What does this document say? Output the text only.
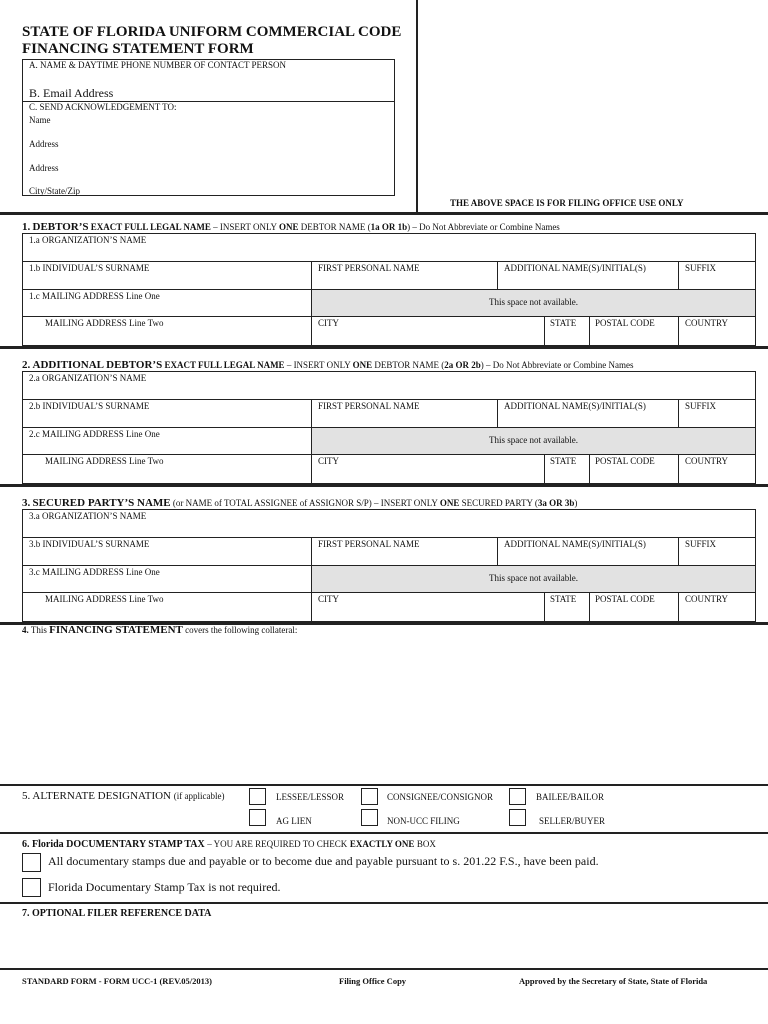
STATE OF FLORIDA UNIFORM COMMERCIAL CODE
FINANCING STATEMENT FORM
A. NAME & DAYTIME PHONE NUMBER OF CONTACT PERSON
B. Email Address
C. SEND ACKNOWLEDGEMENT TO:
Name
Address
Address
City/State/Zip
THE ABOVE SPACE IS FOR FILING OFFICE USE ONLY
1. DEBTOR’S EXACT FULL LEGAL NAME – INSERT ONLY ONE DEBTOR NAME (1a OR 1b) – Do Not Abbreviate or Combine Names
1.a ORGANIZATION’S NAME
1.b INDIVIDUAL’S SURNAME	FIRST PERSONAL NAME	ADDITIONAL NAME(S)/INITIAL(S)	SUFFIX
1.c MAILING ADDRESS Line One
This space not available.
MAILING ADDRESS Line Two	CITY	STATE POSTAL CODE	COUNTRY
2. ADDITIONAL DEBTOR’S EXACT FULL LEGAL NAME – INSERT ONLY ONE DEBTOR NAME (2a OR 2b) – Do Not Abbreviate or Combine Names
2.a ORGANIZATION’S NAME
2.b INDIVIDUAL’S SURNAME	FIRST PERSONAL NAME	ADDITIONAL NAME(S)/INITIAL(S)	SUFFIX
2.c MAILING ADDRESS Line One
This space not available.
MAILING ADDRESS Line Two	CITY	STATE POSTAL CODE	COUNTRY
3. SECURED PARTY’S NAME (or NAME of TOTAL ASSIGNEE of ASSIGNOR S/P) – INSERT ONLY ONE SECURED PARTY (3a OR 3b)
3.a ORGANIZATION’S NAME
3.b INDIVIDUAL’S SURNAME	FIRST PERSONAL NAME	ADDITIONAL NAME(S)/INITIAL(S)	SUFFIX
3.c MAILING ADDRESS Line One
This space not available.
MAILING ADDRESS Line Two	CITY	STATE POSTAL CODE	COUNTRY
4. This FINANCING STATEMENT covers the following collateral:
5. ALTERNATE DESIGNATION (if applicable)	LESSEE/LESSOR	CONSIGNEE/CONSIGNOR	BAILEE/BAILOR
AG LIEN	NON-UCC FILING	SELLER/BUYER
6. Florida DOCUMENTARY STAMP TAX – YOU ARE REQUIRED TO CHECK EXACTLY ONE BOX
All documentary stamps due and payable or to become due and payable pursuant to s. 201.22 F.S., have been paid.
Florida Documentary Stamp Tax is not required.
7. OPTIONAL FILER REFERENCE DATA
STANDARD FORM - FORM UCC-1 (REV.05/2013)	Filing Office Copy	Approved by the Secretary of State, State of Florida
